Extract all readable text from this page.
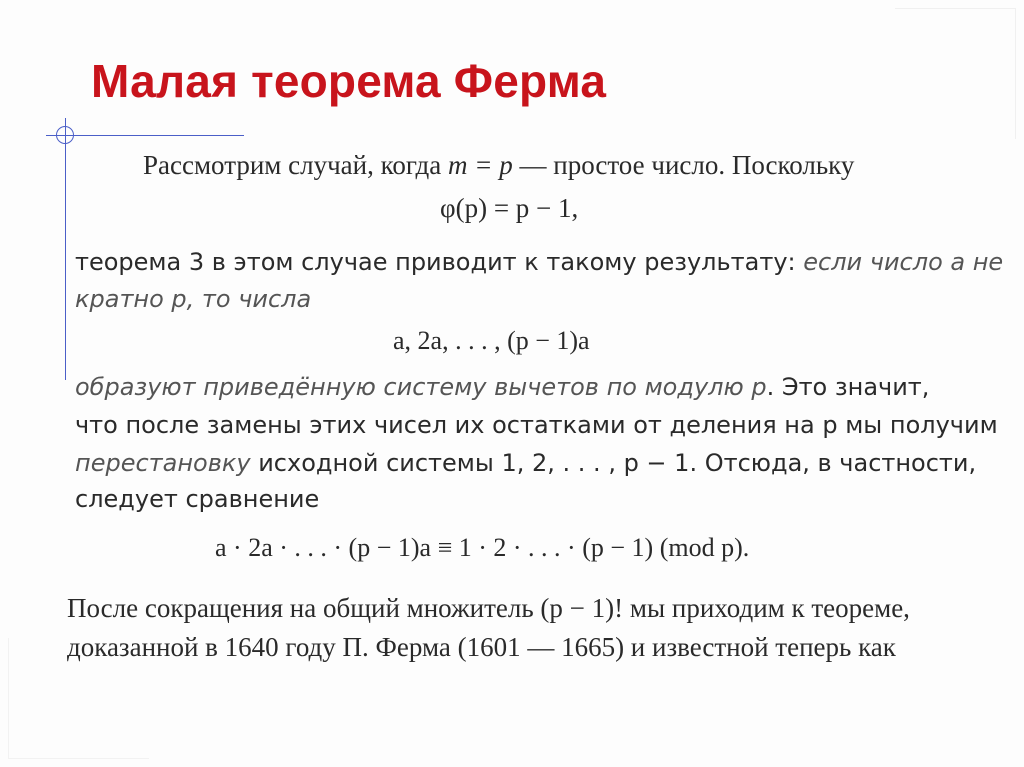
Малая теорема Ферма
Рассмотрим случай, когда m = p — простое число. Поскольку
φ(p) = p − 1,
теорема 3 в этом случае приводит к такому результату: если число a не
кратно p, то числа
a, 2a, . . . , (p − 1)a
образуют приведённую систему вычетов по модулю p. Это значит,
что после замены этих чисел их остатками от деления на p мы получим
перестановку исходной системы 1, 2, . . . , p − 1. Отсюда, в частности,
следует сравнение
a · 2a · . . . · (p − 1)a ≡ 1 · 2 · . . . · (p − 1) (mod p).
После сокращения на общий множитель (p − 1)! мы приходим к теореме,
доказанной в 1640 году П. Ферма (1601 — 1665) и известной теперь как
